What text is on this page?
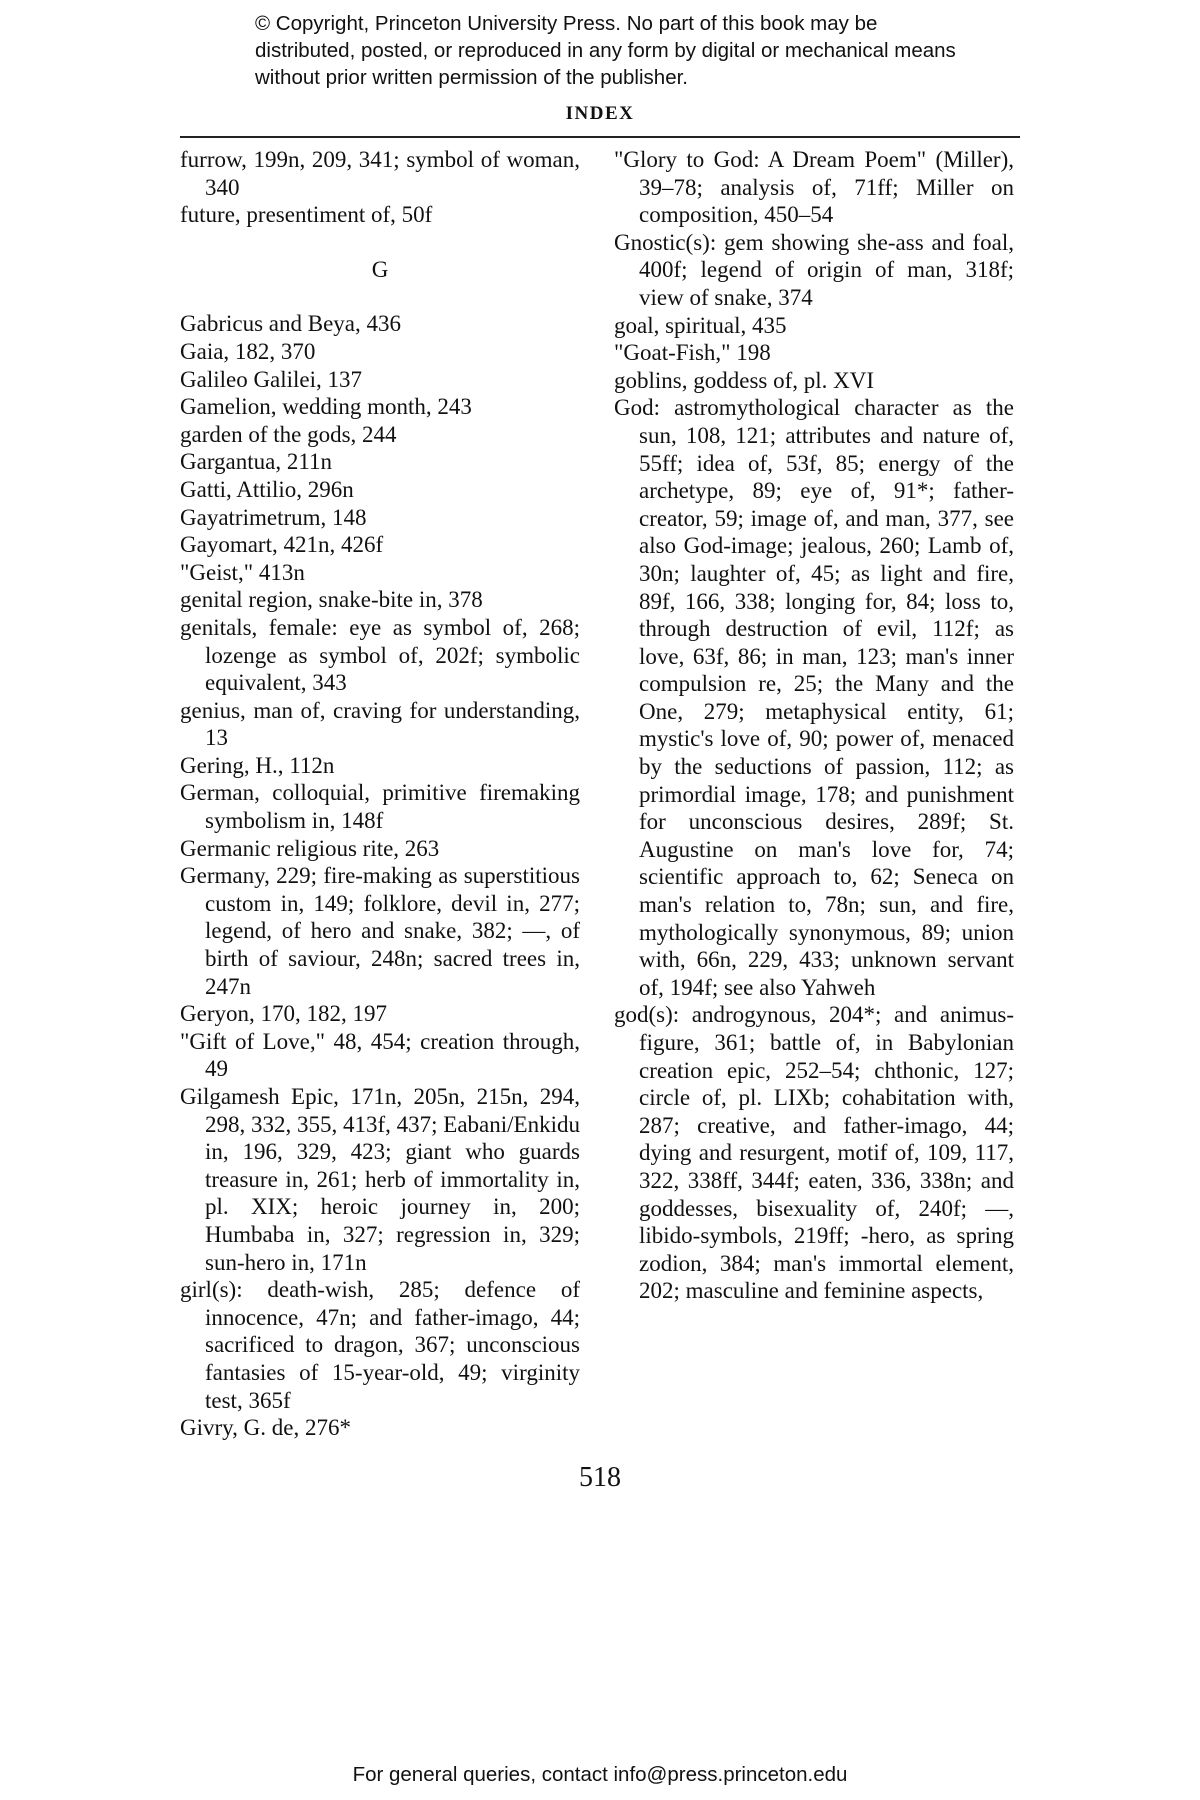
© Copyright, Princeton University Press. No part of this book may be distributed, posted, or reproduced in any form by digital or mechanical means without prior written permission of the publisher.
INDEX

furrow, 199n, 209, 341; symbol of woman, 340

future, presentiment of, 50f

G

Gabricus and Beya, 436

Gaia, 182, 370

Galileo Galilei, 137

Gamelion, wedding month, 243

garden of the gods, 244

Gargantua, 211n

Gatti, Attilio, 296n

Gayatrimetrum, 148

Gayomart, 421n, 426f

"Geist," 413n

genital region, snake-bite in, 378

genitals, female: eye as symbol of, 268; lozenge as symbol of, 202f; symbolic equivalent, 343

genius, man of, craving for understanding, 13

Gering, H., 112n

German, colloquial, primitive firemaking symbolism in, 148f

Germanic religious rite, 263

Germany, 229; fire-making as superstitious custom in, 149; folklore, devil in, 277; legend, of hero and snake, 382; —, of birth of saviour, 248n; sacred trees in, 247n

Geryon, 170, 182, 197

"Gift of Love," 48, 454; creation through, 49

Gilgamesh Epic, 171n, 205n, 215n, 294, 298, 332, 355, 413f, 437; Eabani/Enkidu in, 196, 329, 423; giant who guards treasure in, 261; herb of immortality in, pl. XIX; heroic journey in, 200; Humbaba in, 327; regression in, 329; sun-hero in, 171n

girl(s): death-wish, 285; defence of innocence, 47n; and father-imago, 44; sacrificed to dragon, 367; unconscious fantasies of 15-year-old, 49; virginity test, 365f

Givry, G. de, 276*

"Glory to God: A Dream Poem" (Miller), 39–78; analysis of, 71ff; Miller on composition, 450–54

Gnostic(s): gem showing she-ass and foal, 400f; legend of origin of man, 318f; view of snake, 374

goal, spiritual, 435

"Goat-Fish," 198

goblins, goddess of, pl. XVI

God: astromythological character as the sun, 108, 121; attributes and nature of, 55ff; idea of, 53f, 85; energy of the archetype, 89; eye of, 91*; father-creator, 59; image of, and man, 377, see also God-image; jealous, 260; Lamb of, 30n; laughter of, 45; as light and fire, 89f, 166, 338; longing for, 84; loss to, through destruction of evil, 112f; as love, 63f, 86; in man, 123; man's inner compulsion re, 25; the Many and the One, 279; metaphysical entity, 61; mystic's love of, 90; power of, menaced by the seductions of passion, 112; as primordial image, 178; and punishment for unconscious desires, 289f; St. Augustine on man's love for, 74; scientific approach to, 62; Seneca on man's relation to, 78n; sun, and fire, mythologically synonymous, 89; union with, 66n, 229, 433; unknown servant of, 194f; see also Yahweh

god(s): androgynous, 204*; and animus-figure, 361; battle of, in Babylonian creation epic, 252–54; chthonic, 127; circle of, pl. LIXb; cohabitation with, 287; creative, and father-imago, 44; dying and resurgent, motif of, 109, 117, 322, 338ff, 344f; eaten, 336, 338n; and goddesses, bisexuality of, 240f; —, libido-symbols, 219ff; -hero, as spring zodion, 384; man's immortal element, 202; masculine and feminine aspects,

518
For general queries, contact info@press.princeton.edu
